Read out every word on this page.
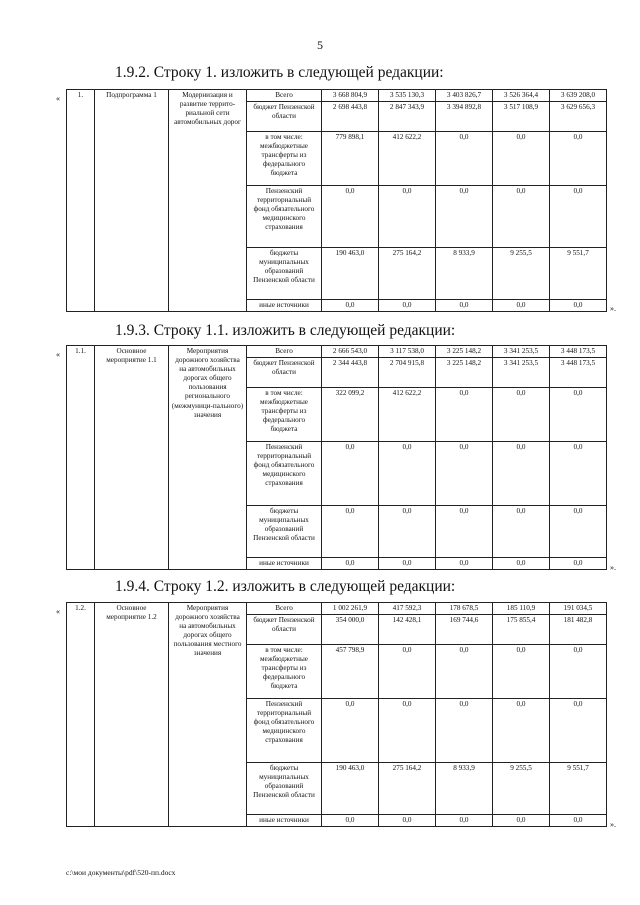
5
1.9.2. Строку 1. изложить в следующей редакции:
« 1.	Подпрограмма 1	Модернизация и развитие террито-риальной сети автомобильных дорог	Всего	3 668 804,9	3 535 130,3	3 403 826,7	3 526 364,4	3 639 208,0
			бюджет Пензенской области	2 698 443,8	2 847 343,9	3 394 892,8	3 517 108,9	3 629 656,3
			в том числе: межбюджетные трансферты из федерального бюджета	779 898,1	412 622,2	0,0	0,0	0,0
			Пензенский территориальный фонд обязательного медицинского страхования	0,0	0,0	0,0	0,0	0,0
			бюджеты муниципальных образований Пензенской области	190 463,0	275 164,2	8 933,9	9 255,5	9 551,7
			иные источники	0,0	0,0	0,0	0,0	0,0	».
1.9.3. Строку 1.1. изложить в следующей редакции:
« 1.1.	Основное мероприятие 1.1	Мероприятия дорожного хозяйства на автомобильных дорогах общего пользования регионального (межмуници-пального) значения	Всего	2 666 543,0	3 117 538,0	3 225 148,2	3 341 253,5	3 448 173,5
			бюджет Пензенской области	2 344 443,8	2 704 915,8	3 225 148,2	3 341 253,5	3 448 173,5
			в том числе: межбюджетные трансферты из федерального бюджета	322 099,2	412 622,2	0,0	0,0	0,0
			Пензенский территориальный фонд обязательного медицинского страхования	0,0	0,0	0,0	0,0	0,0
			бюджеты муниципальных образований Пензенской области	0,0	0,0	0,0	0,0	0,0
			иные источники	0,0	0,0	0,0	0,0	0,0	».
1.9.4. Строку 1.2. изложить в следующей редакции:
« 1.2.	Основное мероприятие 1.2	Мероприятия дорожного хозяйства на автомобильных дорогах общего пользования местного значения	Всего	1 002 261,9	417 592,3	178 678,5	185 110,9	191 034,5
			бюджет Пензенской области	354 000,0	142 428,1	169 744,6	175 855,4	181 482,8
			в том числе: межбюджетные трансферты из федерального бюджета	457 798,9	0,0	0,0	0,0	0,0
			Пензенский территориальный фонд обязательного медицинского страхования	0,0	0,0	0,0	0,0	0,0
			бюджеты муниципальных образований Пензенской области	190 463,0	275 164,2	8 933,9	9 255,5	9 551,7
			иные источники	0,0	0,0	0,0	0,0	0,0	».
c:\мои документы\pdf\520-пп.docx
